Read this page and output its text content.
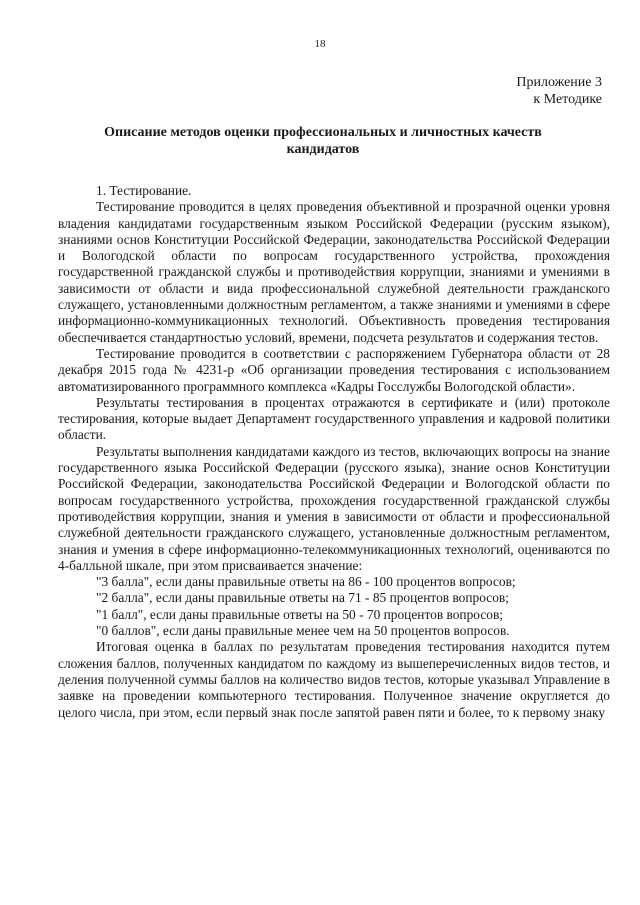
18
Приложение 3
к Методике
Описание методов оценки профессиональных и личностных качеств кандидатов

1. Тестирование.

Тестирование проводится в целях проведения объективной и прозрачной оценки уровня владения кандидатами государственным языком Российской Федерации (русским языком), знаниями основ Конституции Российской Федерации, законодательства Российской Федерации и Вологодской области по вопросам государственного устройства, прохождения государственной гражданской службы и противодействия коррупции, знаниями и умениями в зависимости от области и вида профессиональной служебной деятельности гражданского служащего, установленными должностным регламентом, а также знаниями и умениями в сфере информационно-коммуникационных технологий. Объективность проведения тестирования обеспечивается стандартностью условий, времени, подсчета результатов и содержания тестов.

Тестирование проводится в соответствии с распоряжением Губернатора области от 28 декабря 2015 года № 4231-р «Об организации проведения тестирования с использованием автоматизированного программного комплекса «Кадры Госслужбы Вологодской области».

Результаты тестирования в процентах отражаются в сертификате и (или) протоколе тестирования, которые выдает Департамент государственного управления и кадровой политики области.

Результаты выполнения кандидатами каждого из тестов, включающих вопросы на знание государственного языка Российской Федерации (русского языка), знание основ Конституции Российской Федерации, законодательства Российской Федерации и Вологодской области по вопросам государственного устройства, прохождения государственной гражданской службы противодействия коррупции, знания и умения в зависимости от области и профессиональной служебной деятельности гражданского служащего, установленные должностным регламентом, знания и умения в сфере информационно-телекоммуникационных технологий, оцениваются по 4-балльной шкале, при этом присваивается значение:

"3 балла", если даны правильные ответы на 86 - 100 процентов вопросов;

"2 балла", если даны правильные ответы на 71 - 85 процентов вопросов;

"1 балл", если даны правильные ответы на 50 - 70 процентов вопросов;

"0 баллов", если даны правильные менее чем на 50 процентов вопросов.

Итоговая оценка в баллах по результатам проведения тестирования находится путем сложения баллов, полученных кандидатом по каждому из вышеперечисленных видов тестов, и деления полученной суммы баллов на количество видов тестов, которые указывал Управление в заявке на проведении компьютерного тестирования. Полученное значение округляется до целого числа, при этом, если первый знак после запятой равен пяти и более, то к первому знаку
